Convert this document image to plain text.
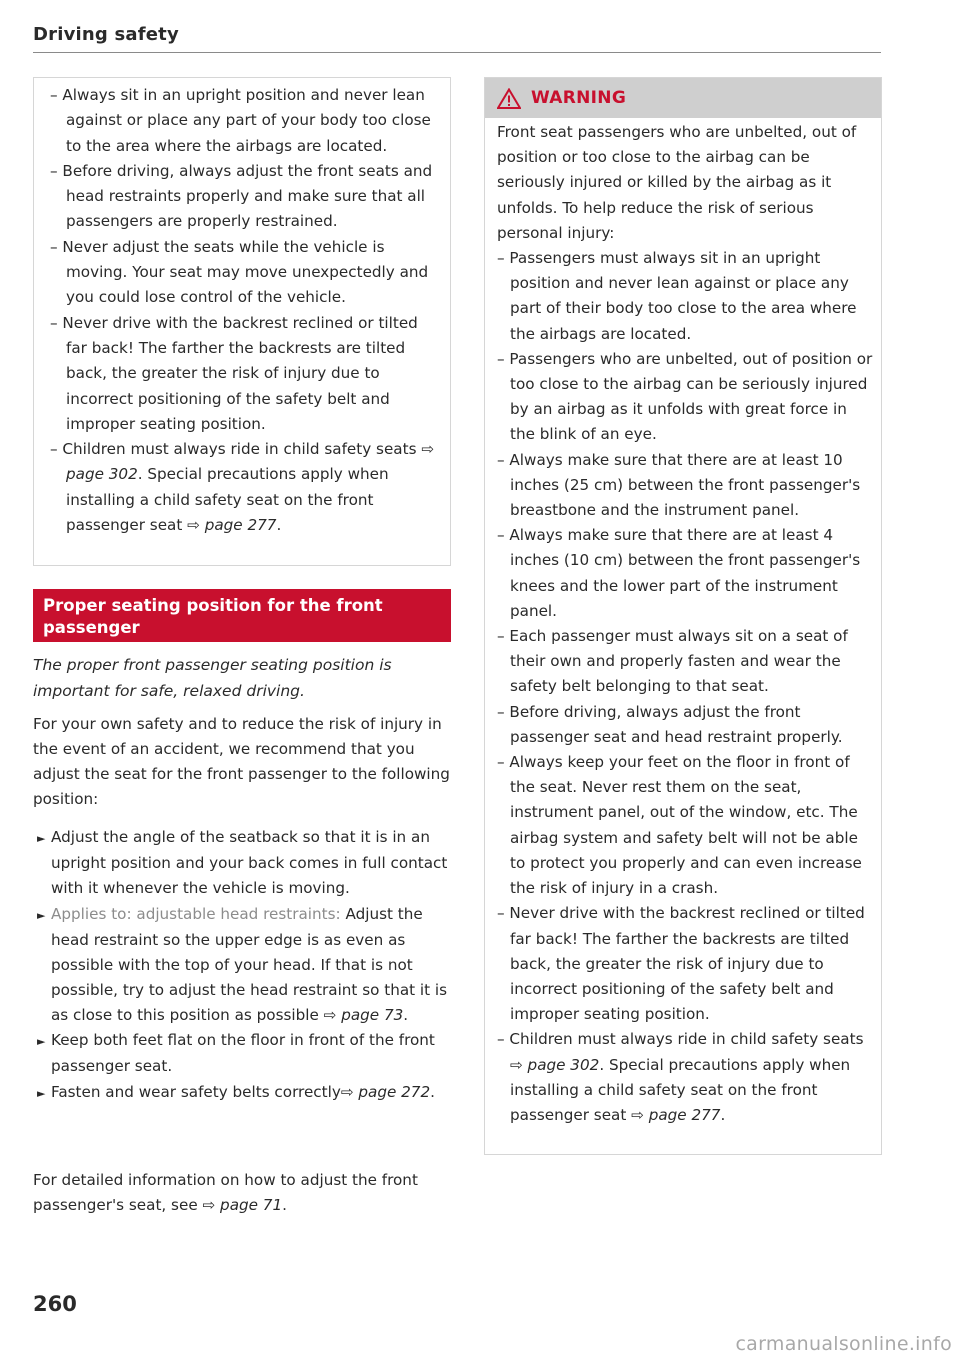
Driving safety

– Always sit in an upright position and never lean against or place any part of your body too close to the area where the airbags are located.

– Before driving, always adjust the front seats and head restraints properly and make sure that all passengers are properly restrained.

– Never adjust the seats while the vehicle is moving. Your seat may move unexpectedly and you could lose control of the vehicle.

– Never drive with the backrest reclined or tilted far back! The farther the backrests are tilted back, the greater the risk of injury due to incorrect positioning of the safety belt and improper seating position.

– Children must always ride in child safety seats ⇨ page 302. Special precautions apply when installing a child safety seat on the front passenger seat ⇨ page 277.

Proper seating position for the front passenger

The proper front passenger seating position is important for safe, relaxed driving.

For your own safety and to reduce the risk of injury in the event of an accident, we recommend that you adjust the seat for the front passenger to the following position:

► Adjust the angle of the seatback so that it is in an upright position and your back comes in full contact with it whenever the vehicle is moving.

► Applies to: adjustable head restraints: Adjust the head restraint so the upper edge is as even as possible with the top of your head. If that is not possible, try to adjust the head restraint so that it is as close to this position as possible ⇨ page 73.

► Keep both feet flat on the floor in front of the front passenger seat.

► Fasten and wear safety belts correctly⇨ page 272.

For detailed information on how to adjust the front passenger's seat, see ⇨ page 71.

260
WARNING

Front seat passengers who are unbelted, out of position or too close to the airbag can be seriously injured or killed by the airbag as it unfolds. To help reduce the risk of serious personal injury:

– Passengers must always sit in an upright position and never lean against or place any part of their body too close to the area where the airbags are located.

– Passengers who are unbelted, out of position or too close to the airbag can be seriously injured by an airbag as it unfolds with great force in the blink of an eye.

– Always make sure that there are at least 10 inches (25 cm) between the front passenger's breastbone and the instrument panel.

– Always make sure that there are at least 4 inches (10 cm) between the front passenger's knees and the lower part of the instrument panel.

– Each passenger must always sit on a seat of their own and properly fasten and wear the safety belt belonging to that seat.

– Before driving, always adjust the front passenger seat and head restraint properly.

– Always keep your feet on the floor in front of the seat. Never rest them on the seat, instrument panel, out of the window, etc. The airbag system and safety belt will not be able to protect you properly and can even increase the risk of injury in a crash.

– Never drive with the backrest reclined or tilted far back! The farther the backrests are tilted back, the greater the risk of injury due to incorrect positioning of the safety belt and improper seating position.

– Children must always ride in child safety seats ⇨ page 302. Special precautions apply when installing a child safety seat on the front passenger seat ⇨ page 277.

carmanualsonline.info
